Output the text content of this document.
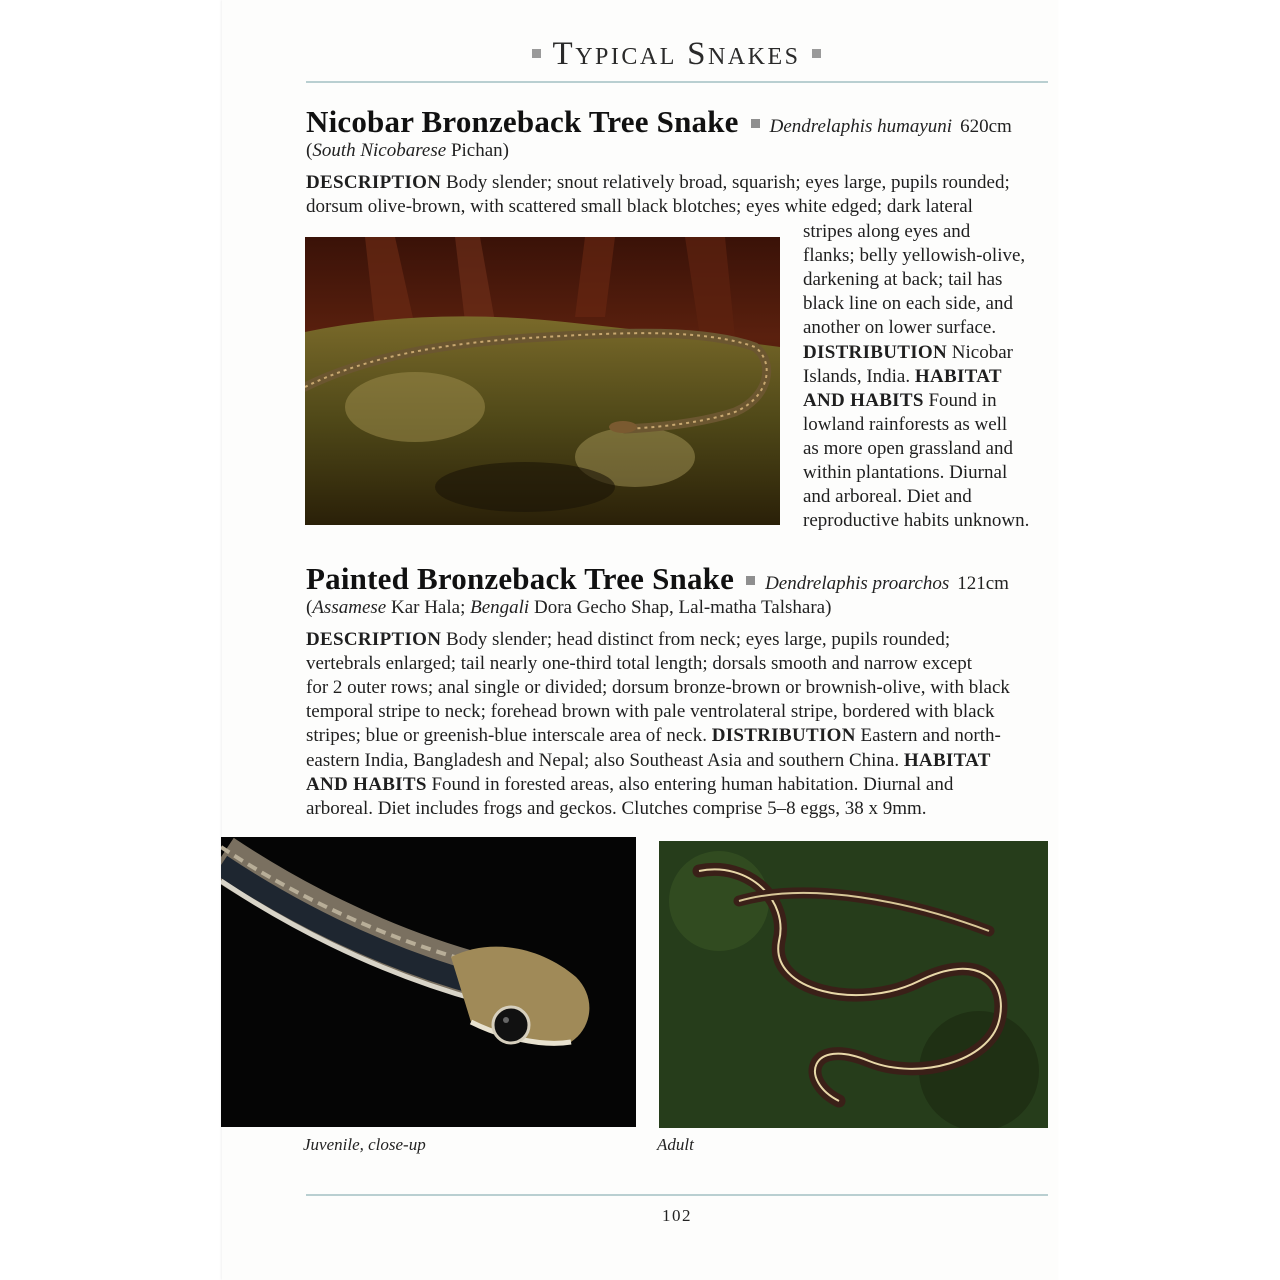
TYPICAL SNAKES
Nicobar Bronzeback Tree Snake Dendrelaphis humayuni 620cm
(South Nicobarese Pichan)
DESCRIPTION Body slender; snout relatively broad, squarish; eyes large, pupils rounded;
dorsum olive-brown, with scattered small black blotches; eyes white edged; dark lateral
stripes along eyes and
flanks; belly yellowish-olive,
darkening at back; tail has
black line on each side, and
another on lower surface.
DISTRIBUTION Nicobar
Islands, India. HABITAT
AND HABITS Found in
lowland rainforests as well
as more open grassland and
within plantations. Diurnal
and arboreal. Diet and
reproductive habits unknown.
Painted Bronzeback Tree Snake Dendrelaphis proarchos 121cm
(Assamese Kar Hala; Bengali Dora Gecho Shap, Lal-matha Talshara)
DESCRIPTION Body slender; head distinct from neck; eyes large, pupils rounded;
vertebrals enlarged; tail nearly one-third total length; dorsals smooth and narrow except
for 2 outer rows; anal single or divided; dorsum bronze-brown or brownish-olive, with black
temporal stripe to neck; forehead brown with pale ventrolateral stripe, bordered with black
stripes; blue or greenish-blue interscale area of neck. DISTRIBUTION Eastern and north-
eastern India, Bangladesh and Nepal; also Southeast Asia and southern China. HABITAT
AND HABITS Found in forested areas, also entering human habitation. Diurnal and
arboreal. Diet includes frogs and geckos. Clutches comprise 5–8 eggs, 38 x 9mm.
Juvenile, close-up	Adult
102
